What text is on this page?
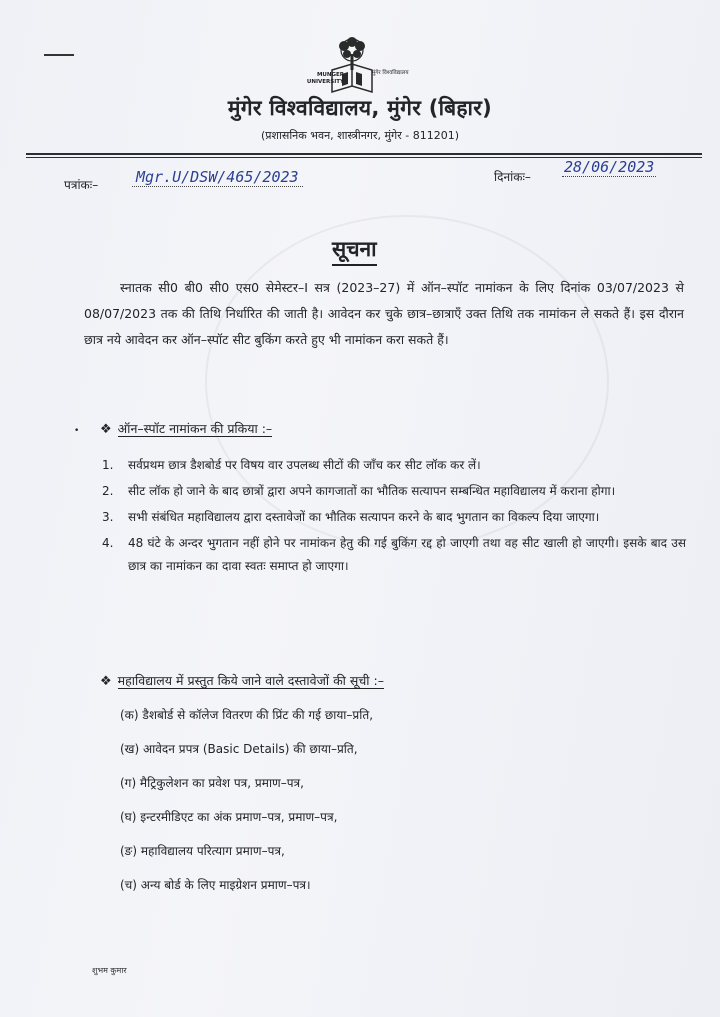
MUNGER UNIVERSITY
मुंगेर विश्वविद्यालय
मुंगेर विश्वविद्यालय, मुंगेर (बिहार)
(प्रशासनिक भवन, शास्त्रीनगर, मुंगेर - 811201)
पत्रांकः–	Mgr.U/DSW/465/2023	दिनांकः–
28/06/2023
सूचना
स्नातक सी0 बी0 सी0 एस0 सेमेस्टर–I सत्र (2023–27) में ऑन–स्पॉट नामांकन के लिए दिनांक 03/07/2023 से 08/07/2023 तक की तिथि निर्धारित की जाती है। आवेदन कर चुके छात्र–छात्राएँ उक्त तिथि तक नामांकन ले सकते हैं। इस दौरान छात्र नये आवेदन कर ऑन–स्पॉट सीट बुकिंग करते हुए भी नामांकन करा सकते हैं।
• ❖ ऑन–स्पॉट नामांकन की प्रकिया :–
1. सर्वप्रथम छात्र डैशबोर्ड पर विषय वार उपलब्ध सीटों की जाँच कर सीट लॉक कर लें।
2. सीट लॉक हो जाने के बाद छात्रों द्वारा अपने कागजातों का भौतिक सत्यापन सम्बन्धित महाविद्यालय में कराना होगा।
3. सभी संबंधित महाविद्यालय द्वारा दस्तावेजों का भौतिक सत्यापन करने के बाद भुगतान का विकल्प दिया जाएगा।
4. 48 घंटे के अन्दर भुगतान नहीं होने पर नामांकन हेतु की गई बुकिंग रद्द हो जाएगी तथा वह सीट खाली हो जाएगी। इसके बाद उस छात्र का नामांकन का दावा स्वतः समाप्त हो जाएगा।
❖ महाविद्यालय में प्रस्तुत किये जाने वाले दस्तावेजों की सूची :–
(क) डैशबोर्ड से कॉलेज वितरण की प्रिंट की गई छाया–प्रति,
(ख) आवेदन प्रपत्र (Basic Details) की छाया–प्रति,
(ग) मैट्रिकुलेशन का प्रवेश पत्र, प्रमाण–पत्र,
(घ) इन्टरमीडिएट का अंक प्रमाण–पत्र, प्रमाण–पत्र,
(ङ) महाविद्यालय परित्याग प्रमाण–पत्र,
(च) अन्य बोर्ड के लिए माइग्रेशन प्रमाण–पत्र।
शुभम कुमार
